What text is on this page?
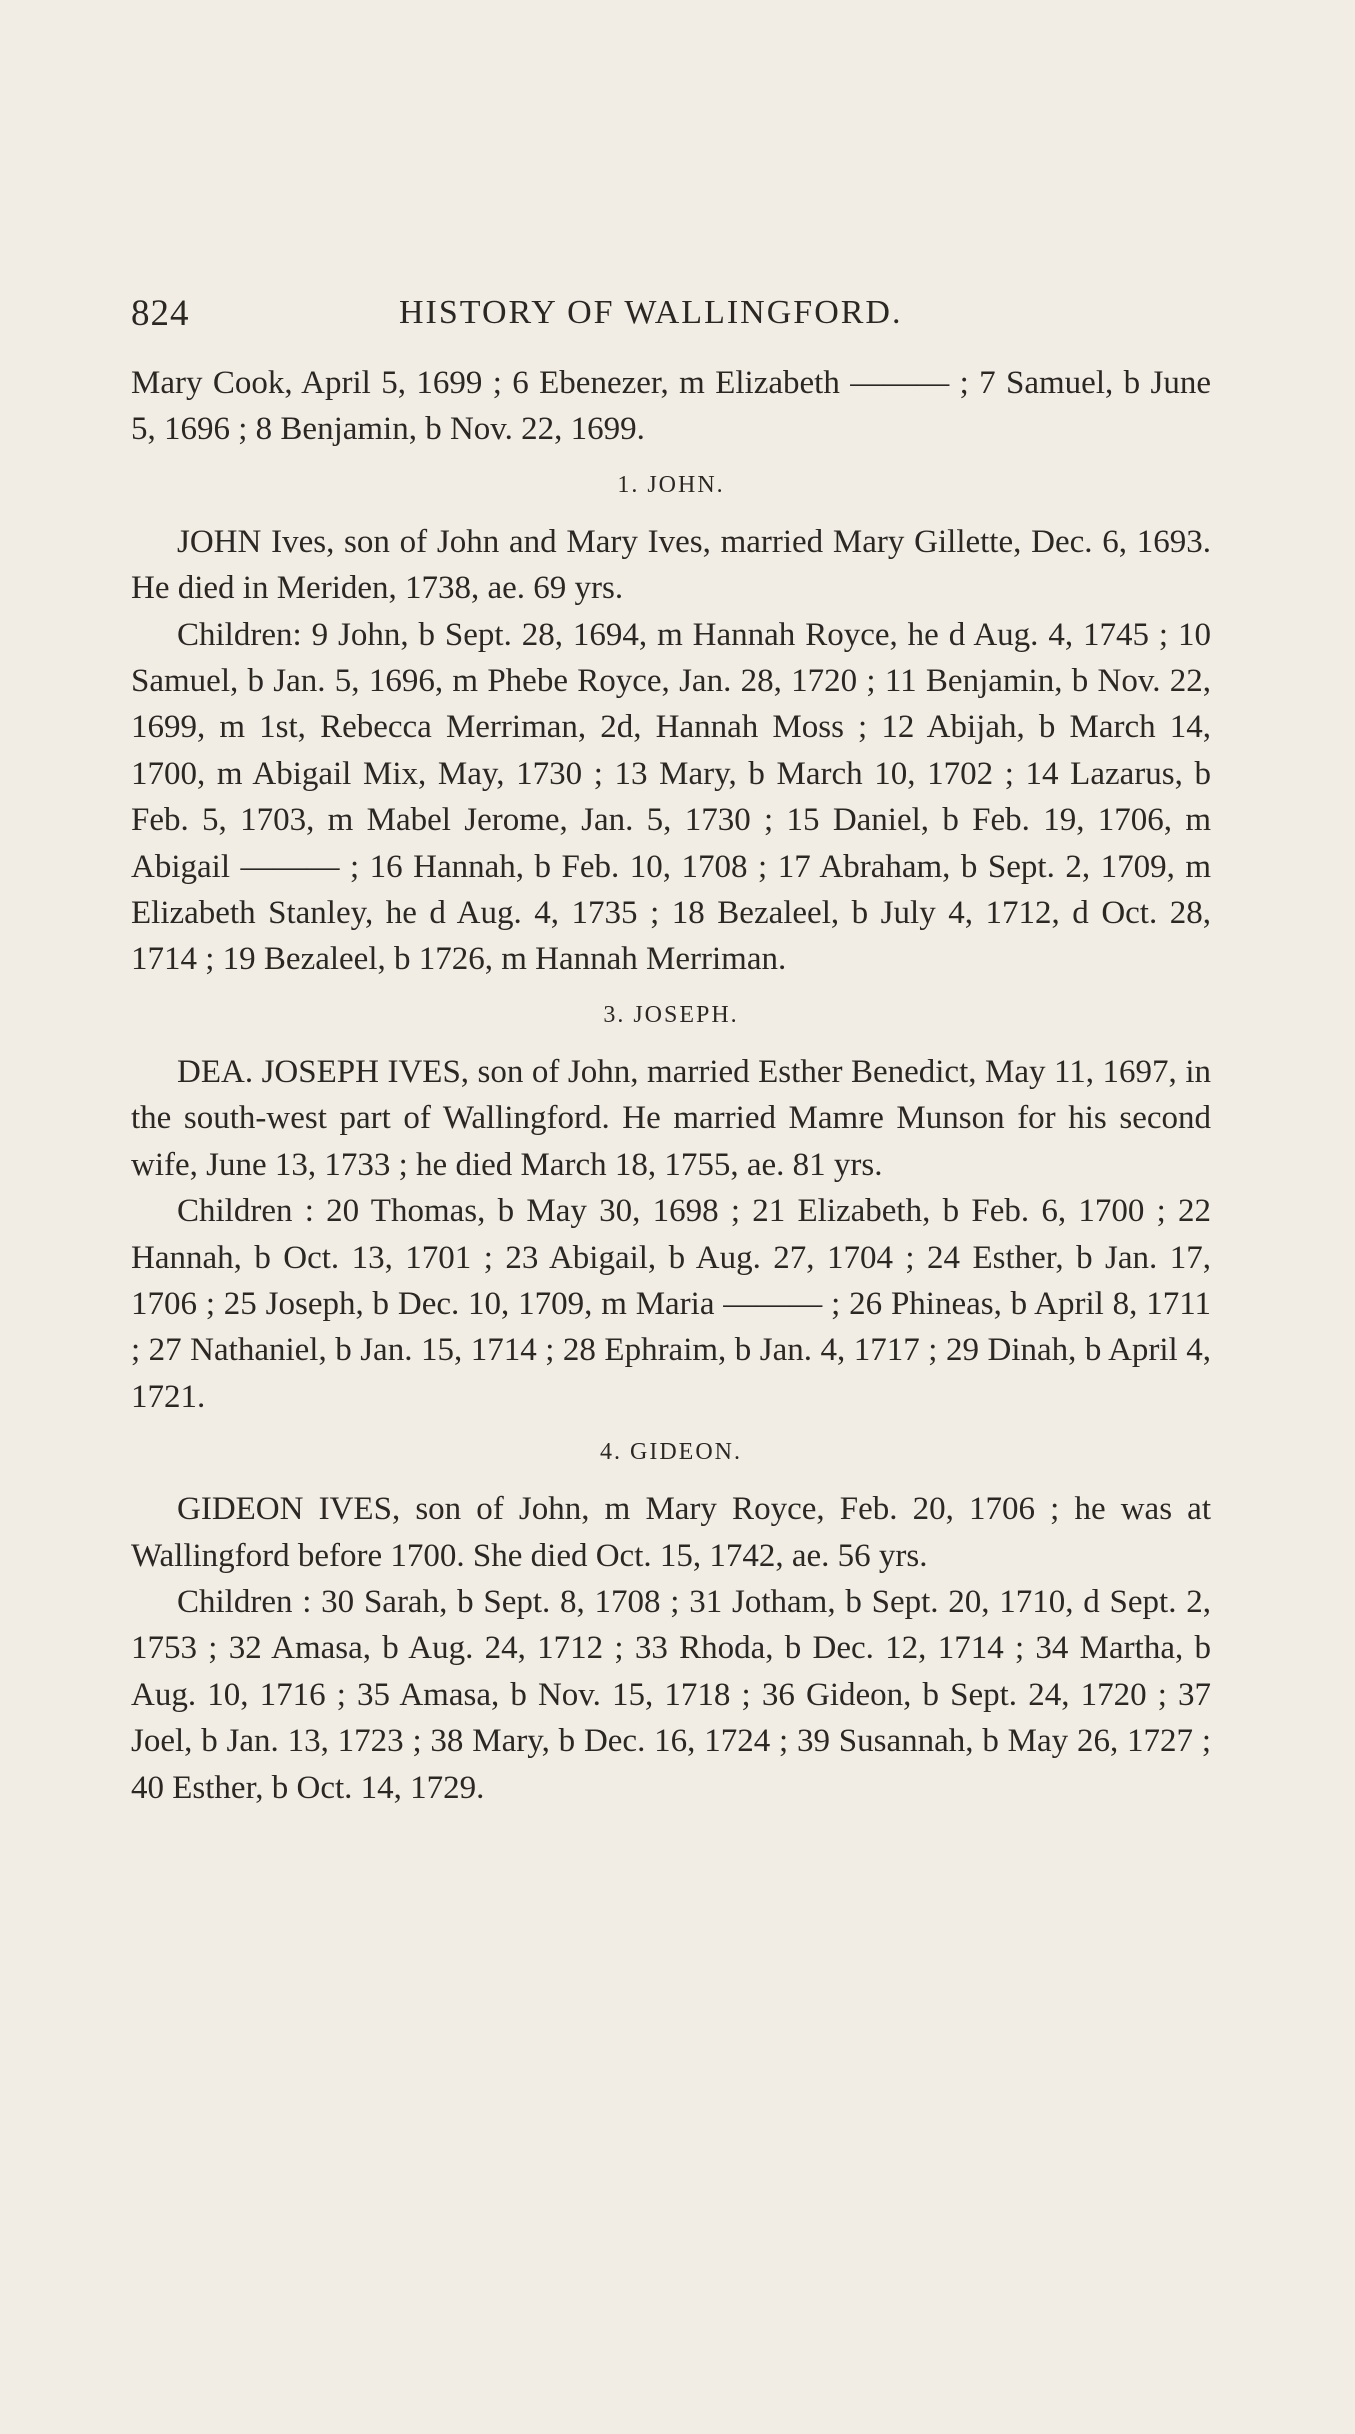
824	HISTORY OF WALLINGFORD.

Mary Cook, April 5, 1699 ; 6 Ebenezer, m Elizabeth ——— ; 7 Samuel, b June 5, 1696 ; 8 Benjamin, b Nov. 22, 1699.

1. JOHN.

JOHN Ives, son of John and Mary Ives, married Mary Gillette, Dec. 6, 1693. He died in Meriden, 1738, ae. 69 yrs.

Children: 9 John, b Sept. 28, 1694, m Hannah Royce, he d Aug. 4, 1745 ; 10 Samuel, b Jan. 5, 1696, m Phebe Royce, Jan. 28, 1720 ; 11 Benjamin, b Nov. 22, 1699, m 1st, Rebecca Merriman, 2d, Hannah Moss ; 12 Abijah, b March 14, 1700, m Abigail Mix, May, 1730 ; 13 Mary, b March 10, 1702 ; 14 Lazarus, b Feb. 5, 1703, m Mabel Jerome, Jan. 5, 1730 ; 15 Daniel, b Feb. 19, 1706, m Abigail ——— ; 16 Hannah, b Feb. 10, 1708 ; 17 Abraham, b Sept. 2, 1709, m Elizabeth Stanley, he d Aug. 4, 1735 ; 18 Bezaleel, b July 4, 1712, d Oct. 28, 1714 ; 19 Bezaleel, b 1726, m Hannah Merriman.

3. JOSEPH.

DEA. JOSEPH IVES, son of John, married Esther Benedict, May 11, 1697, in the south-west part of Wallingford. He married Mamre Munson for his second wife, June 13, 1733 ; he died March 18, 1755, ae. 81 yrs.

Children : 20 Thomas, b May 30, 1698 ; 21 Elizabeth, b Feb. 6, 1700 ; 22 Hannah, b Oct. 13, 1701 ; 23 Abigail, b Aug. 27, 1704 ; 24 Esther, b Jan. 17, 1706 ; 25 Joseph, b Dec. 10, 1709, m Maria ——— ; 26 Phineas, b April 8, 1711 ; 27 Nathaniel, b Jan. 15, 1714 ; 28 Ephraim, b Jan. 4, 1717 ; 29 Dinah, b April 4, 1721.

4. GIDEON.

GIDEON IVES, son of John, m Mary Royce, Feb. 20, 1706 ; he was at Wallingford before 1700. She died Oct. 15, 1742, ae. 56 yrs.

Children : 30 Sarah, b Sept. 8, 1708 ; 31 Jotham, b Sept. 20, 1710, d Sept. 2, 1753 ; 32 Amasa, b Aug. 24, 1712 ; 33 Rhoda, b Dec. 12, 1714 ; 34 Martha, b Aug. 10, 1716 ; 35 Amasa, b Nov. 15, 1718 ; 36 Gideon, b Sept. 24, 1720 ; 37 Joel, b Jan. 13, 1723 ; 38 Mary, b Dec. 16, 1724 ; 39 Susannah, b May 26, 1727 ; 40 Esther, b Oct. 14, 1729.
